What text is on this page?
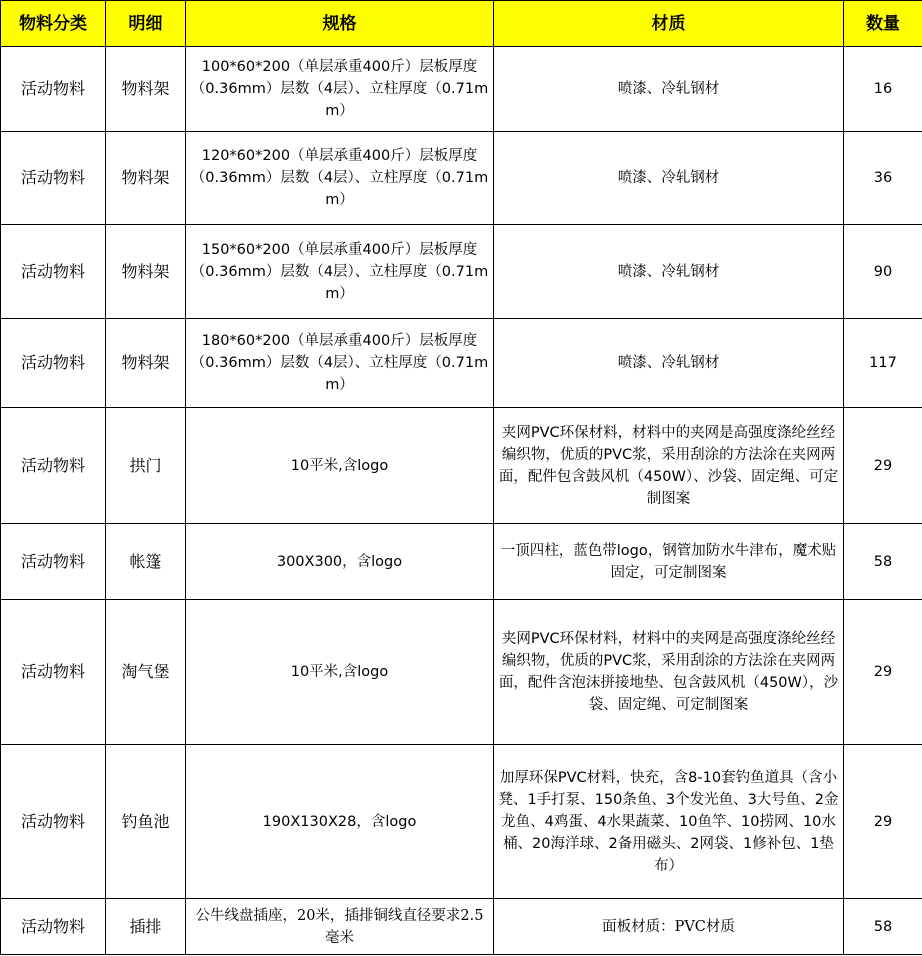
物料分类	明细	规格	材质	数量
活动物料	物料架	100*60*200（单层承重400斤）层板厚度（0.36mm）层数（4层）、立柱厚度（0.71mm）	喷漆、冷轧钢材	16
活动物料	物料架	120*60*200（单层承重400斤）层板厚度（0.36mm）层数（4层）、立柱厚度（0.71mm）	喷漆、冷轧钢材	36
活动物料	物料架	150*60*200（单层承重400斤）层板厚度（0.36mm）层数（4层）、立柱厚度（0.71mm）	喷漆、冷轧钢材	90
活动物料	物料架	180*60*200（单层承重400斤）层板厚度（0.36mm）层数（4层）、立柱厚度（0.71mm）	喷漆、冷轧钢材	117
活动物料	拱门	10平米,含logo	夹网PVC环保材料，材料中的夹网是高强度涤纶丝经编织物，优质的PVC浆，采用刮涂的方法涂在夹网两面，配件包含鼓风机（450W）、沙袋、固定绳、可定制图案	29
活动物料	帐篷	300X300，含logo	一顶四柱，蓝色带logo，钢管加防水牛津布，魔术贴固定，可定制图案	58
活动物料	淘气堡	10平米,含logo	夹网PVC环保材料，材料中的夹网是高强度涤纶丝经编织物，优质的PVC浆，采用刮涂的方法涂在夹网两面，配件含泡沫拼接地垫、包含鼓风机（450W），沙袋、固定绳、可定制图案	29
活动物料	钓鱼池	190X130X28，含logo	加厚环保PVC材料，快充，含8-10套钓鱼道具（含小凳、1手打泵、150条鱼、3个发光鱼、3大号鱼、2金龙鱼、4鸡蛋、4水果蔬菜、10鱼竿、10捞网、10水桶、20海洋球、2备用磁头、2网袋、1修补包、1垫布）	29
活动物料	插排	公牛线盘插座，20米，插排铜线直径要求2.5毫米	面板材质：PVC材质	58
